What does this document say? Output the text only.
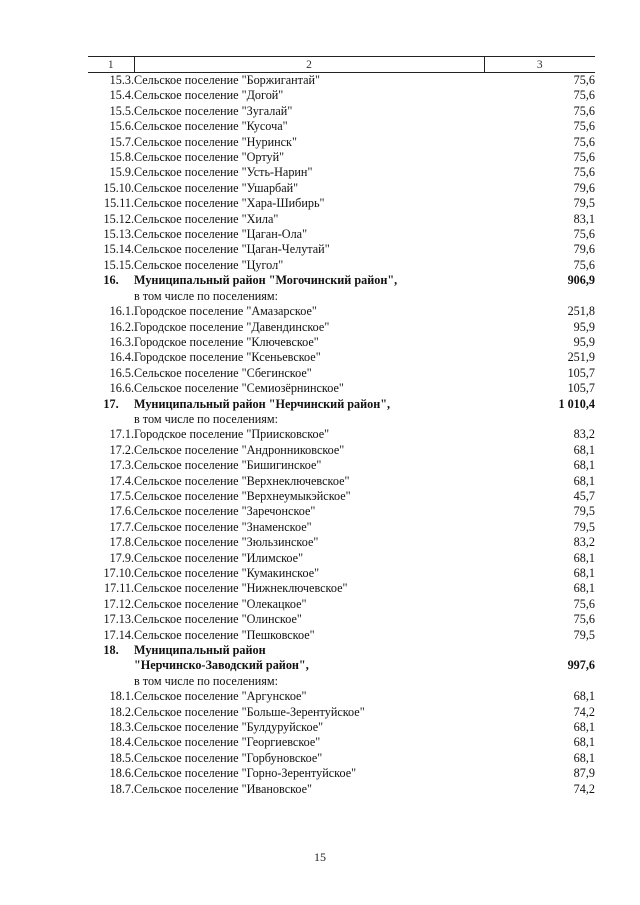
1	2	3
15.3.	Сельское поселение "Боржигантай"	75,6
15.4.	Сельское поселение "Догой"	75,6
15.5.	Сельское поселение "Зугалай"	75,6
15.6.	Сельское поселение "Кусоча"	75,6
15.7.	Сельское поселение "Нуринск"	75,6
15.8.	Сельское поселение "Ортуй"	75,6
15.9.	Сельское поселение "Усть-Нарин"	75,6
15.10.	Сельское поселение "Ушарбай"	79,6
15.11.	Сельское поселение "Хара-Шибирь"	79,5
15.12.	Сельское поселение "Хила"	83,1
15.13.	Сельское поселение "Цаган-Ола"	75,6
15.14.	Сельское поселение "Цаган-Челутай"	79,6
15.15.	Сельское поселение "Цугол"	75,6
16.	Муниципальный район "Могочинский район",	906,9
	в том числе по поселениям:	
16.1.	Городское поселение "Амазарское"	251,8
16.2.	Городское поселение "Давендинское"	95,9
16.3.	Городское поселение "Ключевское"	95,9
16.4.	Городское поселение "Ксеньевское"	251,9
16.5.	Сельское поселение "Сбегинское"	105,7
16.6.	Сельское поселение "Семиозёрнинское"	105,7
17.	Муниципальный район "Нерчинский район",	1 010,4
	в том числе по поселениям:	
17.1.	Городское поселение "Приисковское"	83,2
17.2.	Сельское поселение "Андронниковское"	68,1
17.3.	Сельское поселение "Бишигинское"	68,1
17.4.	Сельское поселение "Верхнеключевское"	68,1
17.5.	Сельское поселение "Верхнеумыкэйское"	45,7
17.6.	Сельское поселение "Заречонское"	79,5
17.7.	Сельское поселение "Знаменское"	79,5
17.8.	Сельское поселение "Зюльзинское"	83,2
17.9.	Сельское поселение "Илимское"	68,1
17.10.	Сельское поселение "Кумакинское"	68,1
17.11.	Сельское поселение "Нижнеключевское"	68,1
17.12.	Сельское поселение "Олекацкое"	75,6
17.13.	Сельское поселение "Олинское"	75,6
17.14.	Сельское поселение "Пешковское"	79,5
18.	Муниципальный район	
	"Нерчинско-Заводский район",	997,6
	в том числе по поселениям:	
18.1.	Сельское поселение "Аргунское"	68,1
18.2.	Сельское поселение "Больше-Зерентуйское"	74,2
18.3.	Сельское поселение "Булдуруйское"	68,1
18.4.	Сельское поселение "Георгиевское"	68,1
18.5.	Сельское поселение "Горбуновское"	68,1
18.6.	Сельское поселение "Горно-Зерентуйское"	87,9
18.7.	Сельское поселение "Ивановское"	74,2
15
